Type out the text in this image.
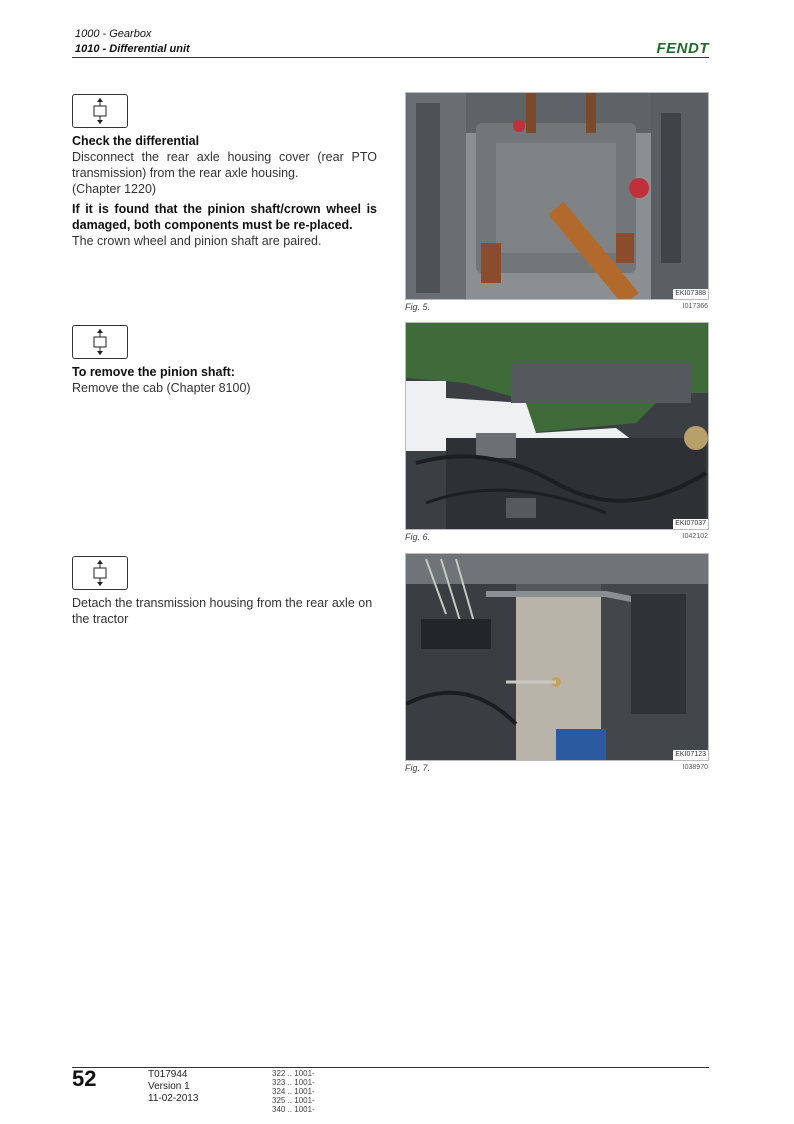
1000 - Gearbox
1010 - Differential unit	FENDT
Check the differential
Disconnect the rear axle housing cover (rear PTO transmission) from the rear axle housing.
(Chapter 1220)
If it is found that the pinion shaft/crown wheel is damaged, both components must be re-placed.
The crown wheel and pinion shaft are paired.
EKI07388
Fig. 5.	I017366
To remove the pinion shaft:
Remove the cab (Chapter 8100)
EKI07037
Fig. 6.	I042102
Detach the transmission housing from the rear axle on the tractor
EKI07123
Fig. 7.	I038970
52	T017944
Version 1
11-02-2013
322 .. 1001-
323 .. 1001-
324 .. 1001-
325 .. 1001-
340 .. 1001-
